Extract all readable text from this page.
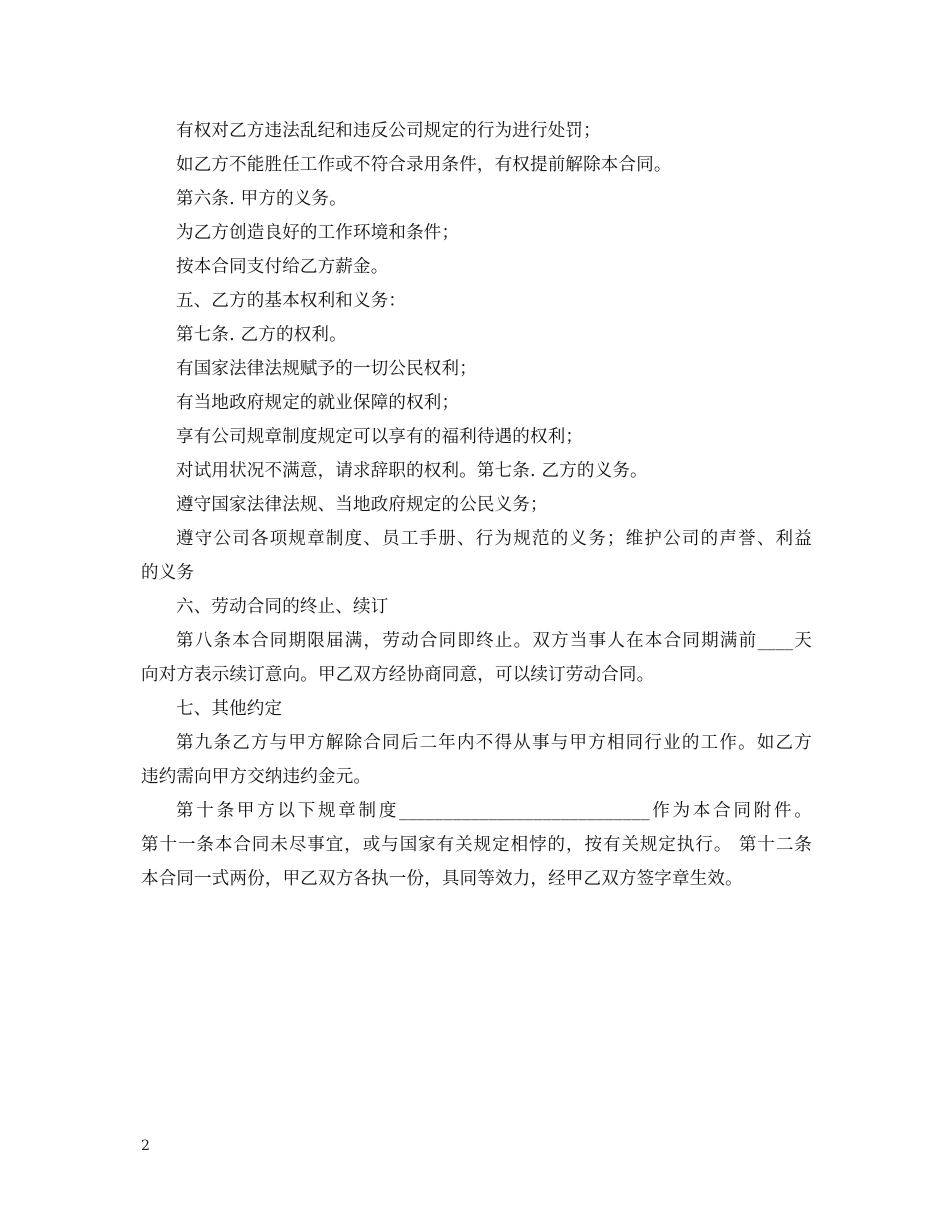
有权对乙方违法乱纪和违反公司规定的行为进行处罚；

如乙方不能胜任工作或不符合录用条件，有权提前解除本合同。

第六条. 甲方的义务。

为乙方创造良好的工作环境和条件；

按本合同支付给乙方薪金。

五、乙方的基本权利和义务：

第七条. 乙方的权利。

有国家法律法规赋予的一切公民权利；

有当地政府规定的就业保障的权利；

享有公司规章制度规定可以享有的福利待遇的权利；

对试用状况不满意，请求辞职的权利。第七条. 乙方的义务。

遵守国家法律法规、当地政府规定的公民义务；

遵守公司各项规章制度、员工手册、行为规范的义务；维护公司的声誉、利益

的义务

六、劳动合同的终止、续订

第八条本合同期限届满，劳动合同即终止。双方当事人在本合同期满前____天

向对方表示续订意向。甲乙双方经协商同意，可以续订劳动合同。

七、其他约定

第九条乙方与甲方解除合同后二年内不得从事与甲方相同行业的工作。如乙方

违约需向甲方交纳违约金元。

第十条甲方以下规章制度____________________________作为本合同附件。

第十一条本合同未尽事宜，或与国家有关规定相悖的，按有关规定执行。 第十二条

本合同一式两份，甲乙双方各执一份，具同等效力，经甲乙双方签字章生效。

2
